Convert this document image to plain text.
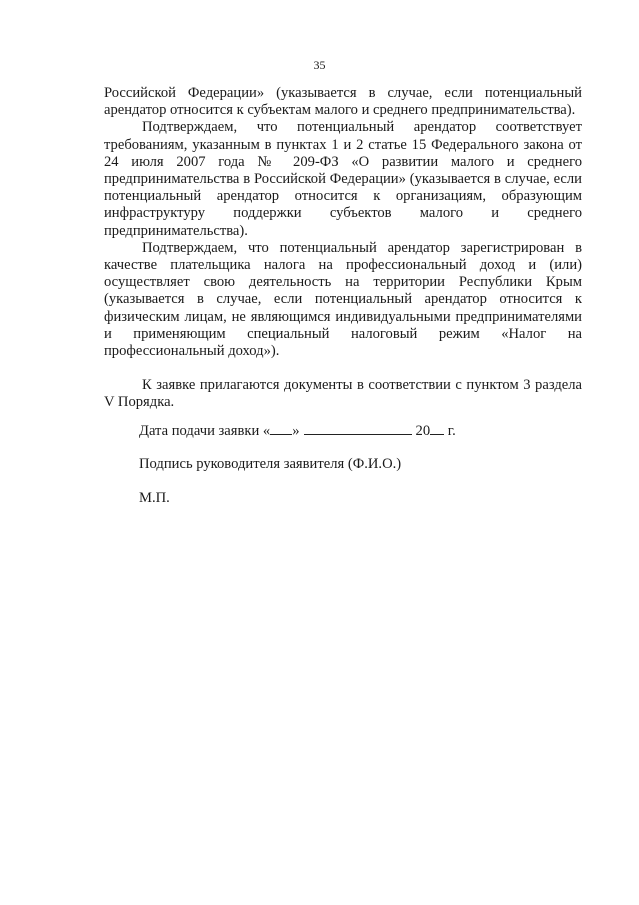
35

Российской Федерации» (указывается в случае, если потенциальный арендатор относится к субъектам малого и среднего предпринимательства).

Подтверждаем, что потенциальный арендатор соответствует требованиям, указанным в пунктах 1 и 2 статье 15 Федерального закона от 24 июля 2007 года № 209-ФЗ «О развитии малого и среднего предпринимательства в Российской Федерации» (указывается в случае, если потенциальный арендатор относится к организациям, образующим инфраструктуру поддержки субъектов малого и среднего предпринимательства).

Подтверждаем, что потенциальный арендатор зарегистрирован в качестве плательщика налога на профессиональный доход и (или) осуществляет свою деятельность на территории Республики Крым (указывается в случае, если потенциальный арендатор относится к физическим лицам, не являющимся индивидуальными предпринимателями и применяющим специальный налоговый режим «Налог на профессиональный доход»).

К заявке прилагаются документы в соответствии с пунктом 3 раздела V Порядка.

Дата подачи заявки « »	20 г.
Подпись руководителя заявителя (Ф.И.О.)
М.П.
